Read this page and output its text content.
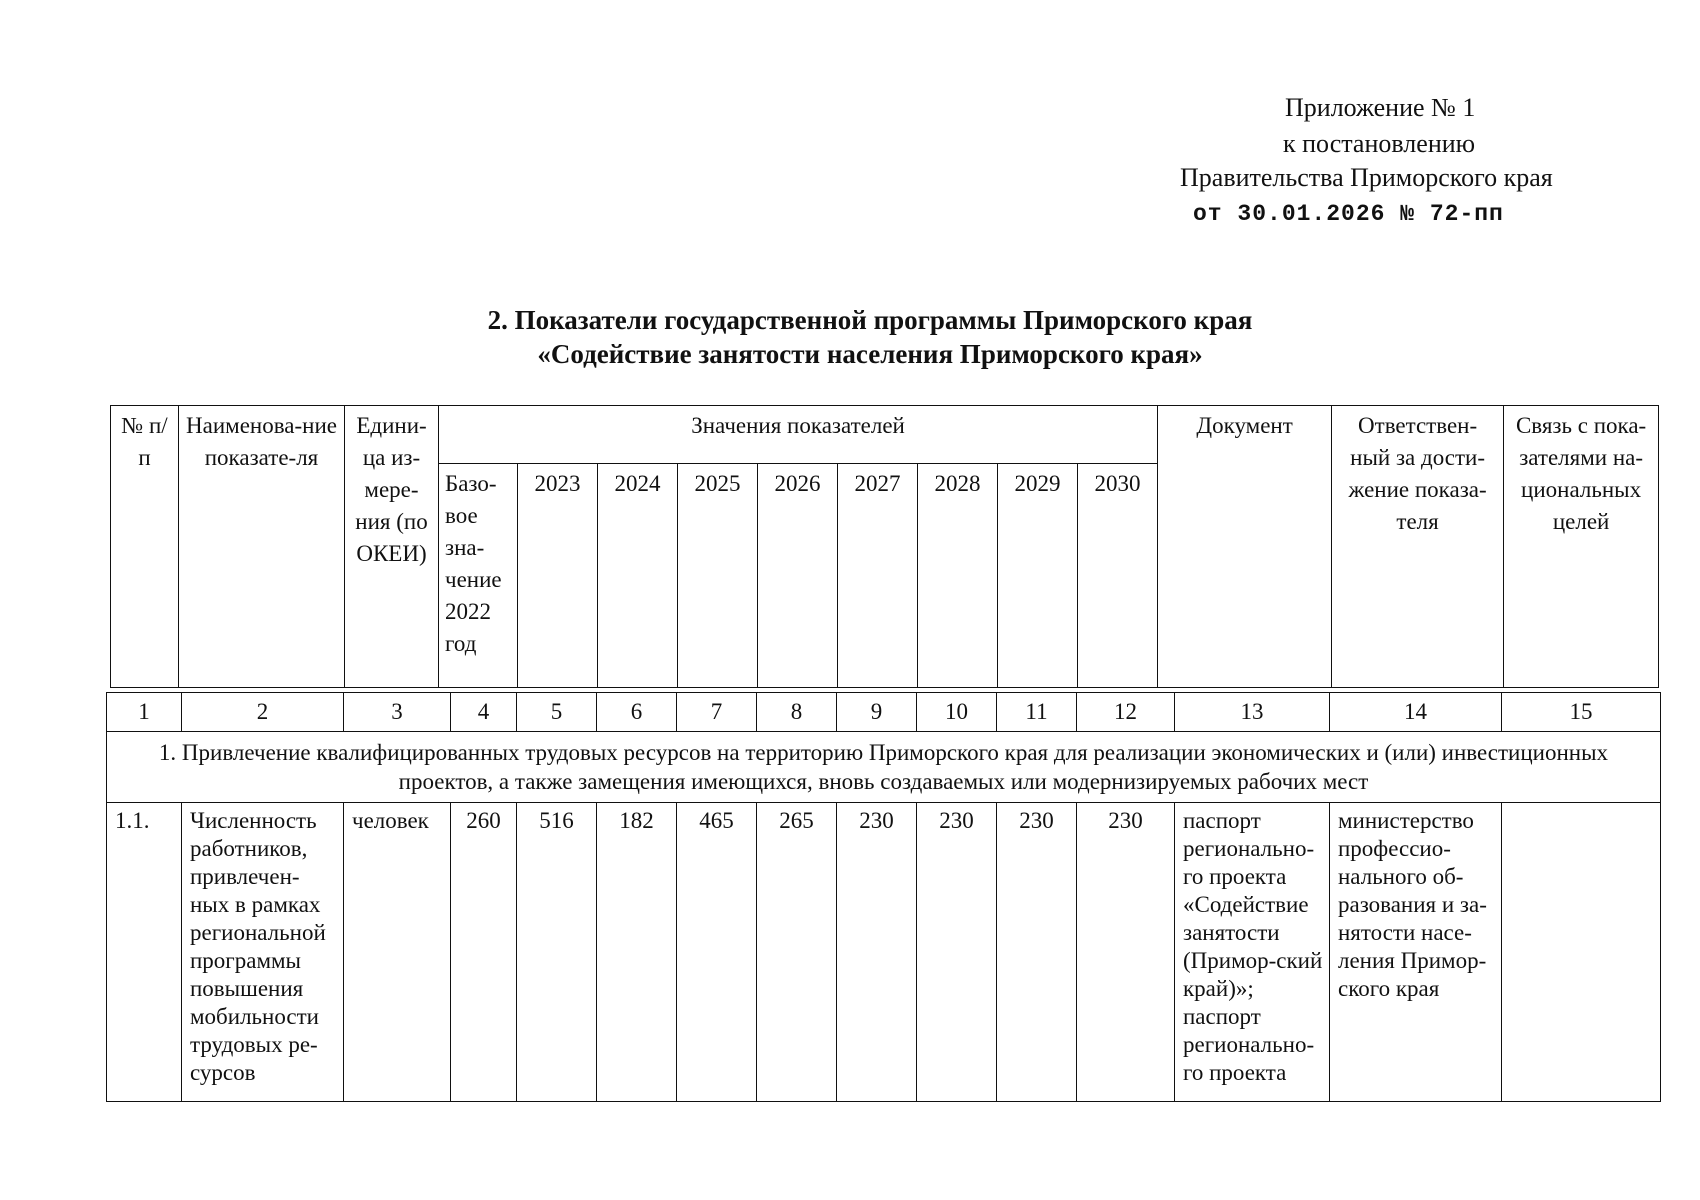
Приложение № 1
к постановлению
Правительства Приморского края
от 30.01.2026 № 72-пп
2. Показатели государственной программы Приморского края
«Содействие занятости населения Приморского края»
№ п/п	Наименова-ние показате-ля	Едини-ца из-мере-ния (по ОКЕИ)	Значения показателей									Документ	Ответствен-ный за дости-жение показа-теля	Связь с пока-зателями на-циональных целей
			Базо-вое зна-чение 2022 год	2023	2024	2025	2026	2027	2028	2029	2030			
1	2	3	4	5	6	7	8	9	10	11	12	13	14	15
1. Привлечение квалифицированных трудовых ресурсов на территорию Приморского края для реализации экономических и (или) инвестиционных проектов, а также замещения имеющихся, вновь создаваемых или модернизируемых рабочих мест														
1.1.	Численность работников, привлечен-ных в рамках региональной программы повышения мобильности трудовых ре-сурсов	человек	260	516	182	465	265	230	230	230	230	паспорт регионально-го проекта «Содействие занятости (Примор-ский край)»; паспорт регионально-го проекта	министерство профессио-нального об-разования и за-нятости насе-ления Примор-ского края	
